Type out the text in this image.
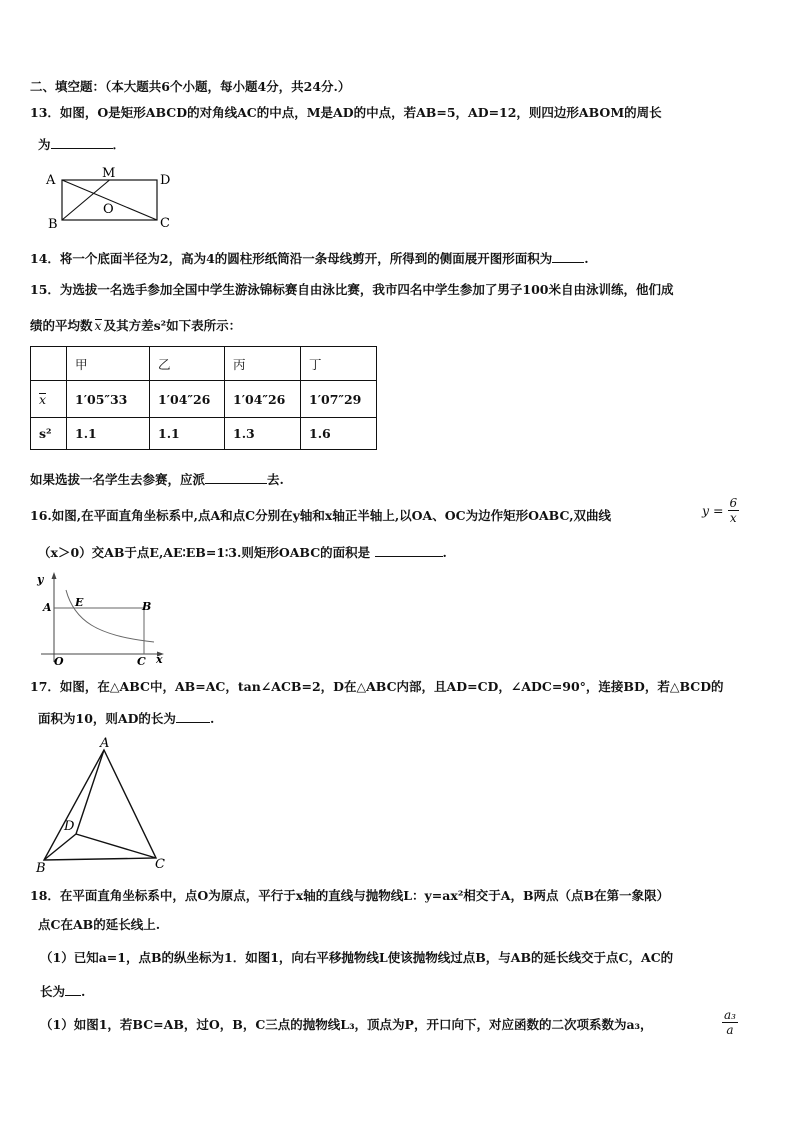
二、填空题：（本大题共6个小题，每小题4分，共24分.）
13．如图，O是矩形ABCD的对角线AC的中点，M是AD的中点，若AB=5，AD=12，则四边形ABOM的周长
为	．
A	M	D
O
B	C
14．将一个底面半径为2，高为4的圆柱形纸筒沿一条母线剪开，所得到的侧面展开图形面积为	.
15．为选拔一名选手参加全国中学生游泳锦标赛自由泳比赛，我市四名中学生参加了男子100米自由泳训练，他们成
绩的平均数 x 及其方差s²如下表所示：
	甲	乙	丙	丁
x	1′05″33	1′04″26	1′04″26	1′07″29
s²	1.1	1.1	1.3	1.6
如果选拔一名学生去参赛，应派	去.
16.如图,在平面直角坐标系中,点A和点C分别在y轴和x轴正半轴上,以OA、OC为边作矩形OABC,双曲线	$y = \frac{6}{x}$
（x＞0）交AB于点E,AE∶EB=1∶3.则矩形OABC的面积是	.
y
A E	B
O	C x
17．如图，在△ABC中，AB=AC，tan∠ACB=2，D在△ABC内部，且AD=CD，∠ADC=90°，连接BD，若△BCD的
面积为10，则AD的长为	.
A
D
B	C
18．在平面直角坐标系中，点O为原点，平行于x轴的直线与抛物线L：y=ax²相交于A，B两点（点B在第一象限）
点C在AB的延长线上.
（1）已知a=1，点B的纵坐标为1．如图1，向右平移抛物线L使该抛物线过点B，与AB的延长线交于点C，AC的
长为 .
（1）如图1，若BC=AB，过O，B，C三点的抛物线L₃，顶点为P，开口向下，对应函数的二次项系数为a₃，	$\frac{\text{a₃}}{a}$
